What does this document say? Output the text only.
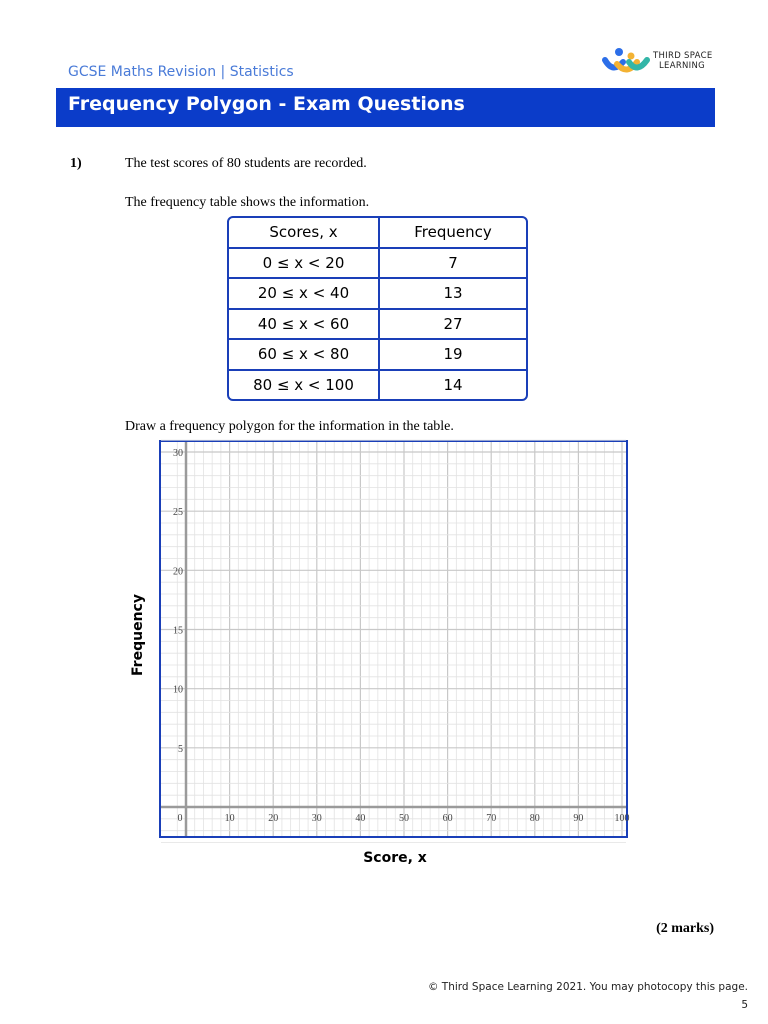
GCSE Maths Revision | Statistics
THIRD SPACE
LEARNING
Frequency Polygon - Exam Questions
1)	The test scores of 80 students are recorded.
The frequency table shows the information.
Scores, x	Frequency
0 ≤ x < 20	7
20 ≤ x < 40	13
40 ≤ x < 60	27
60 ≤ x < 80	19
80 ≤ x < 100	14
Draw a frequency polygon for the information in the table.
0	10	20	30	40	50	60	70	80	90	100
5
10
15
20
25
30
Frequency
Score, x
(2 marks)
© Third Space Learning 2021. You may photocopy this page.
5
